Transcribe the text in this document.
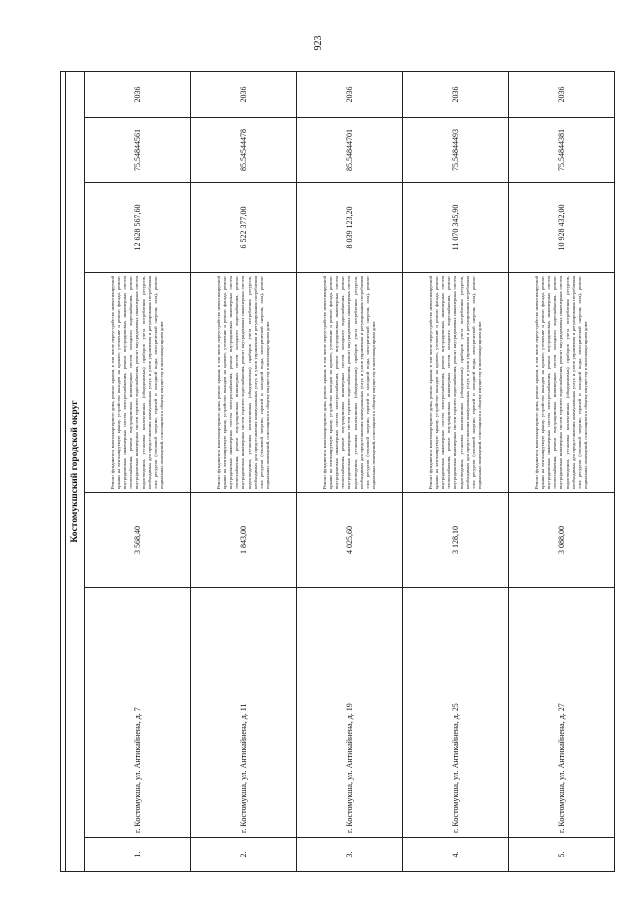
923

Костомукшский городской округ						
1.	г. Костомукша, ул. Антикайнена, д. 7	3 568,40	Ремонт фундамента многоквартирного дома, ремонт крыши, в том числе переустройство невентилируемой крыши на вентилируемую крышу, устройство выходов на кровлю, утепление и ремонт фасада, ремонт внутридомовых инженерных систем электроснабжения, ремонт внутридомовых инженерных систем теплоснабжения, ремонт внутридомовых инженерных систем холодного водоснабжения, ремонт внутридомовых инженерных систем горячего водоснабжения, ремонт внутридомовых инженерных систем водоотведения, установка коллективных (общедомовых) приборов учета потребления ресурсов, необходимых для предоставления коммунальных услуг, и узлов управления и регулирования потребления этих ресурсов (тепловой энергии, горячей и холодной воды, электрической энергии, газа), ремонт подвальных помещений, относящихся к общему имуществу в многоквартирном доме	12 628 567,60	75.54844561	2036
2.	г. Костомукша, ул. Антикайнена, д. 11	1 843,00	Ремонт фундамента многоквартирного дома, ремонт крыши, в том числе переустройство невентилируемой крыши на вентилируемую крышу, устройство выходов на кровлю, утепление и ремонт фасада, ремонт внутридомовых инженерных систем электроснабжения, ремонт внутридомовых инженерных систем теплоснабжения, ремонт внутридомовых инженерных систем холодного водоснабжения, ремонт внутридомовых инженерных систем горячего водоснабжения, ремонт внутридомовых инженерных систем водоотведения, установка коллективных (общедомовых) приборов учета потребления ресурсов, необходимых для предоставления коммунальных услуг, и узлов управления и регулирования потребления этих ресурсов (тепловой энергии, горячей и холодной воды, электрической энергии, газа), ремонт подвальных помещений, относящихся к общему имуществу в многоквартирном доме	6 522 377,00	85.54544478	2036
3.	г. Костомукша, ул. Антикайнена, д. 19	4 025,60	Ремонт фундамента многоквартирного дома, ремонт крыши, в том числе переустройство невентилируемой крыши на вентилируемую крышу, устройство выходов на кровлю, утепление и ремонт фасада, ремонт внутридомовых инженерных систем электроснабжения, ремонт внутридомовых инженерных систем теплоснабжения, ремонт внутридомовых инженерных систем холодного водоснабжения, ремонт внутридомовых инженерных систем горячего водоснабжения, ремонт внутридомовых инженерных систем водоотведения, установка коллективных (общедомовых) приборов учета потребления ресурсов, необходимых для предоставления коммунальных услуг, и узлов управления и регулирования потребления этих ресурсов (тепловой энергии, горячей и холодной воды, электрической энергии, газа), ремонт подвальных помещений, относящихся к общему имуществу в многоквартирном доме	8 039 123,20	85.54844701	2036
4.	г. Костомукша, ул. Антикайнена, д. 25	3 128,10	Ремонт фундамента многоквартирного дома, ремонт крыши, в том числе переустройство невентилируемой крыши на вентилируемую крышу, устройство выходов на кровлю, утепление и ремонт фасада, ремонт внутридомовых инженерных систем электроснабжения, ремонт внутридомовых инженерных систем теплоснабжения, ремонт внутридомовых инженерных систем холодного водоснабжения, ремонт внутридомовых инженерных систем горячего водоснабжения, ремонт внутридомовых инженерных систем водоотведения, установка коллективных (общедомовых) приборов учета потребления ресурсов, необходимых для предоставления коммунальных услуг, и узлов управления и регулирования потребления этих ресурсов (тепловой энергии, горячей и холодной воды, электрической энергии, газа), ремонт подвальных помещений, относящихся к общему имуществу в многоквартирном доме	11 070 345,90	75.54844493	2036
5.	г. Костомукша, ул. Антикайнена, д. 27	3 088,00	Ремонт фундамента многоквартирного дома, ремонт крыши, в том числе переустройство невентилируемой крыши на вентилируемую крышу, устройство выходов на кровлю, утепление и ремонт фасада, ремонт внутридомовых инженерных систем электроснабжения, ремонт внутридомовых инженерных систем теплоснабжения, ремонт внутридомовых инженерных систем холодного водоснабжения, ремонт внутридомовых инженерных систем горячего водоснабжения, ремонт внутридомовых инженерных систем водоотведения, установка коллективных (общедомовых) приборов учета потребления ресурсов, необходимых для предоставления коммунальных услуг, и узлов управления и регулирования потребления этих ресурсов (тепловой энергии, горячей и холодной воды, электрической энергии, газа), ремонт подвальных помещений, относящихся к общему имуществу в многоквартирном доме	10 928 432,00	75.54844381	2036
